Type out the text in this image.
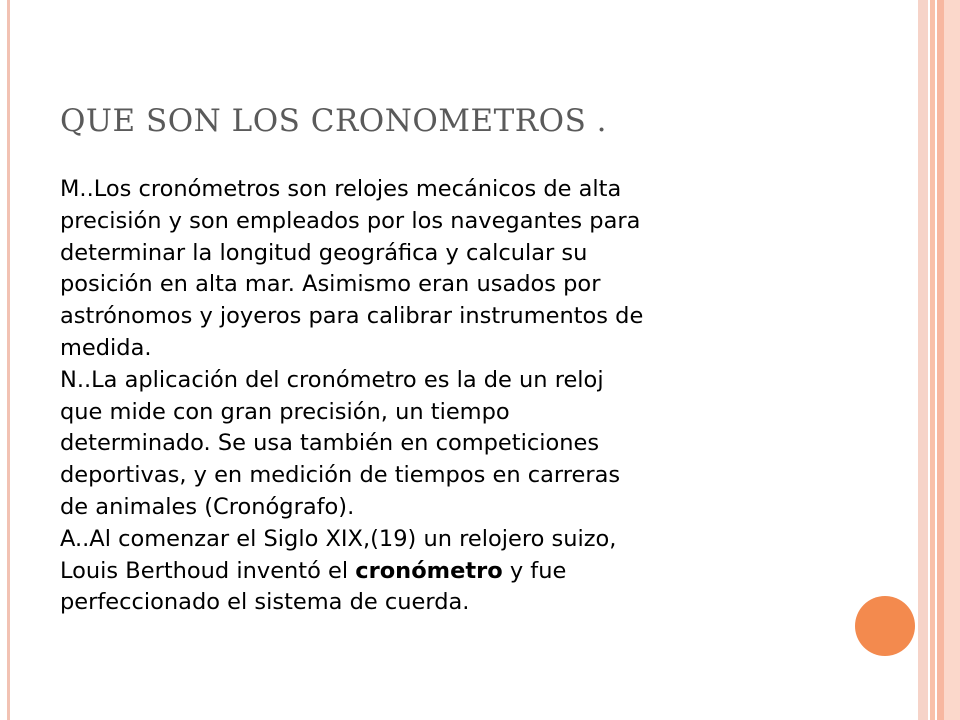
QUE SON LOS CRONOMETROS .
M..Los cronómetros son relojes mecánicos de alta
precisión y son empleados por los navegantes para
determinar la longitud geográfica y calcular su
posición en alta mar. Asimismo eran usados por
astrónomos y joyeros para calibrar instrumentos de
medida.
N..La aplicación del cronómetro es la de un reloj
que mide con gran precisión, un tiempo
determinado. Se usa también en competiciones
deportivas, y en medición de tiempos en carreras
de animales (Cronógrafo).
A..Al comenzar el Siglo XIX,(19) un relojero suizo,
Louis Berthoud inventó el cronómetro y fue
perfeccionado el sistema de cuerda.
